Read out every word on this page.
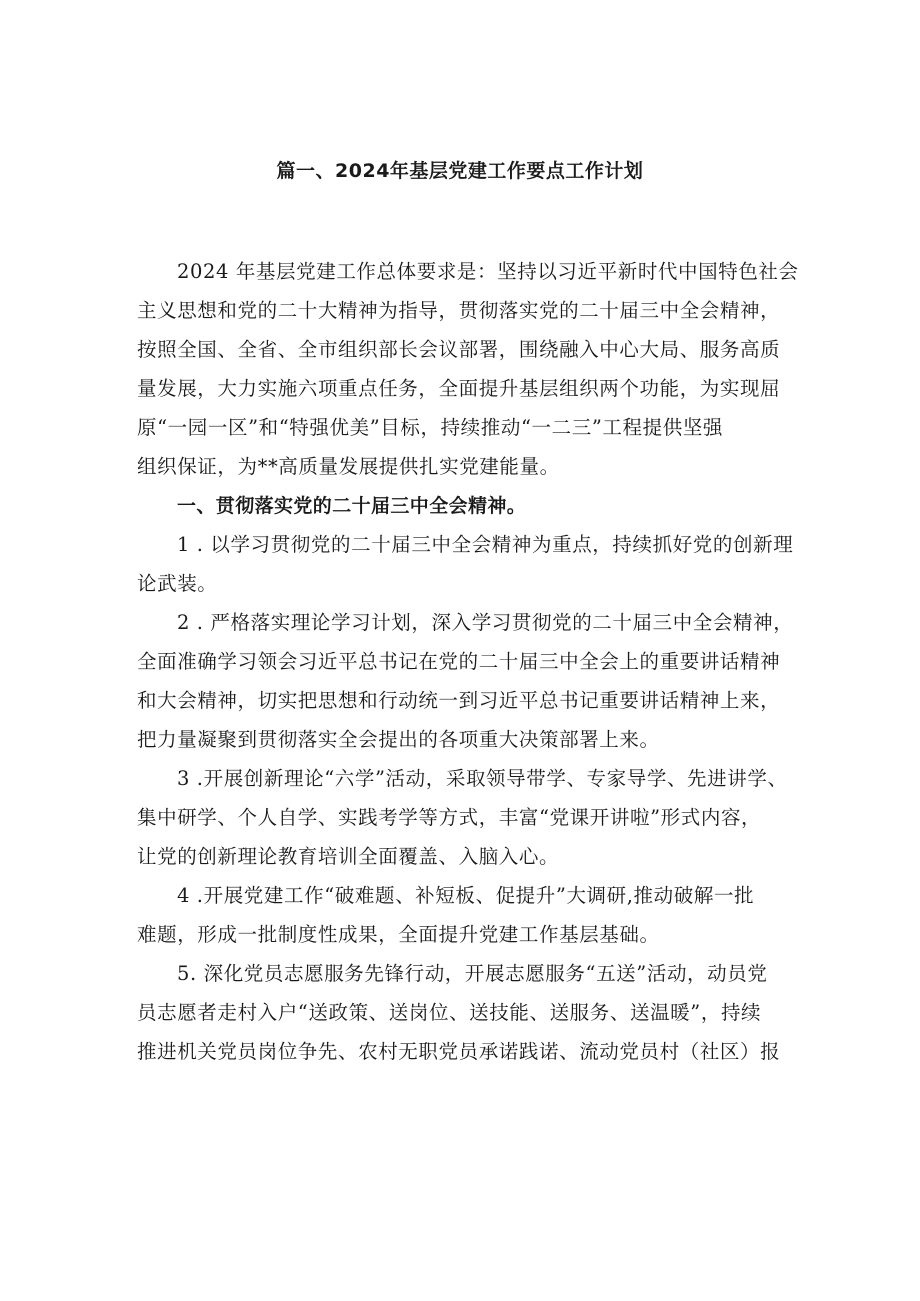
篇一、2024年基层党建工作要点工作计划
2024 年基层党建工作总体要求是：坚持以习近平新时代中国特色社会
主义思想和党的二十大精神为指导，贯彻落实党的二十届三中全会精神，
按照全国、全省、全市组织部长会议部署，围绕融入中心大局、服务高质
量发展，大力实施六项重点任务，全面提升基层组织两个功能，为实现屈
原“一园一区”和“特强优美”目标，持续推动“一二三”工程提供坚强
组织保证，为**高质量发展提供扎实党建能量。
一、贯彻落实党的二十届三中全会精神。
1 . 以学习贯彻党的二十届三中全会精神为重点，持续抓好党的创新理
论武装。
2 . 严格落实理论学习计划，深入学习贯彻党的二十届三中全会精神，
全面准确学习领会习近平总书记在党的二十届三中全会上的重要讲话精神
和大会精神，切实把思想和行动统一到习近平总书记重要讲话精神上来，
把力量凝聚到贯彻落实全会提出的各项重大决策部署上来。
3 .开展创新理论“六学”活动，采取领导带学、专家导学、先进讲学、
集中研学、个人自学、实践考学等方式，丰富“党课开讲啦”形式内容，
让党的创新理论教育培训全面覆盖、入脑入心。
4 .开展党建工作“破难题、补短板、促提升”大调研,推动破解一批
难题，形成一批制度性成果，全面提升党建工作基层基础。
5. 深化党员志愿服务先锋行动，开展志愿服务“五送”活动，动员党
员志愿者走村入户“送政策、送岗位、送技能、送服务、送温暖”，持续
推进机关党员岗位争先、农村无职党员承诺践诺、流动党员村（社区）报
